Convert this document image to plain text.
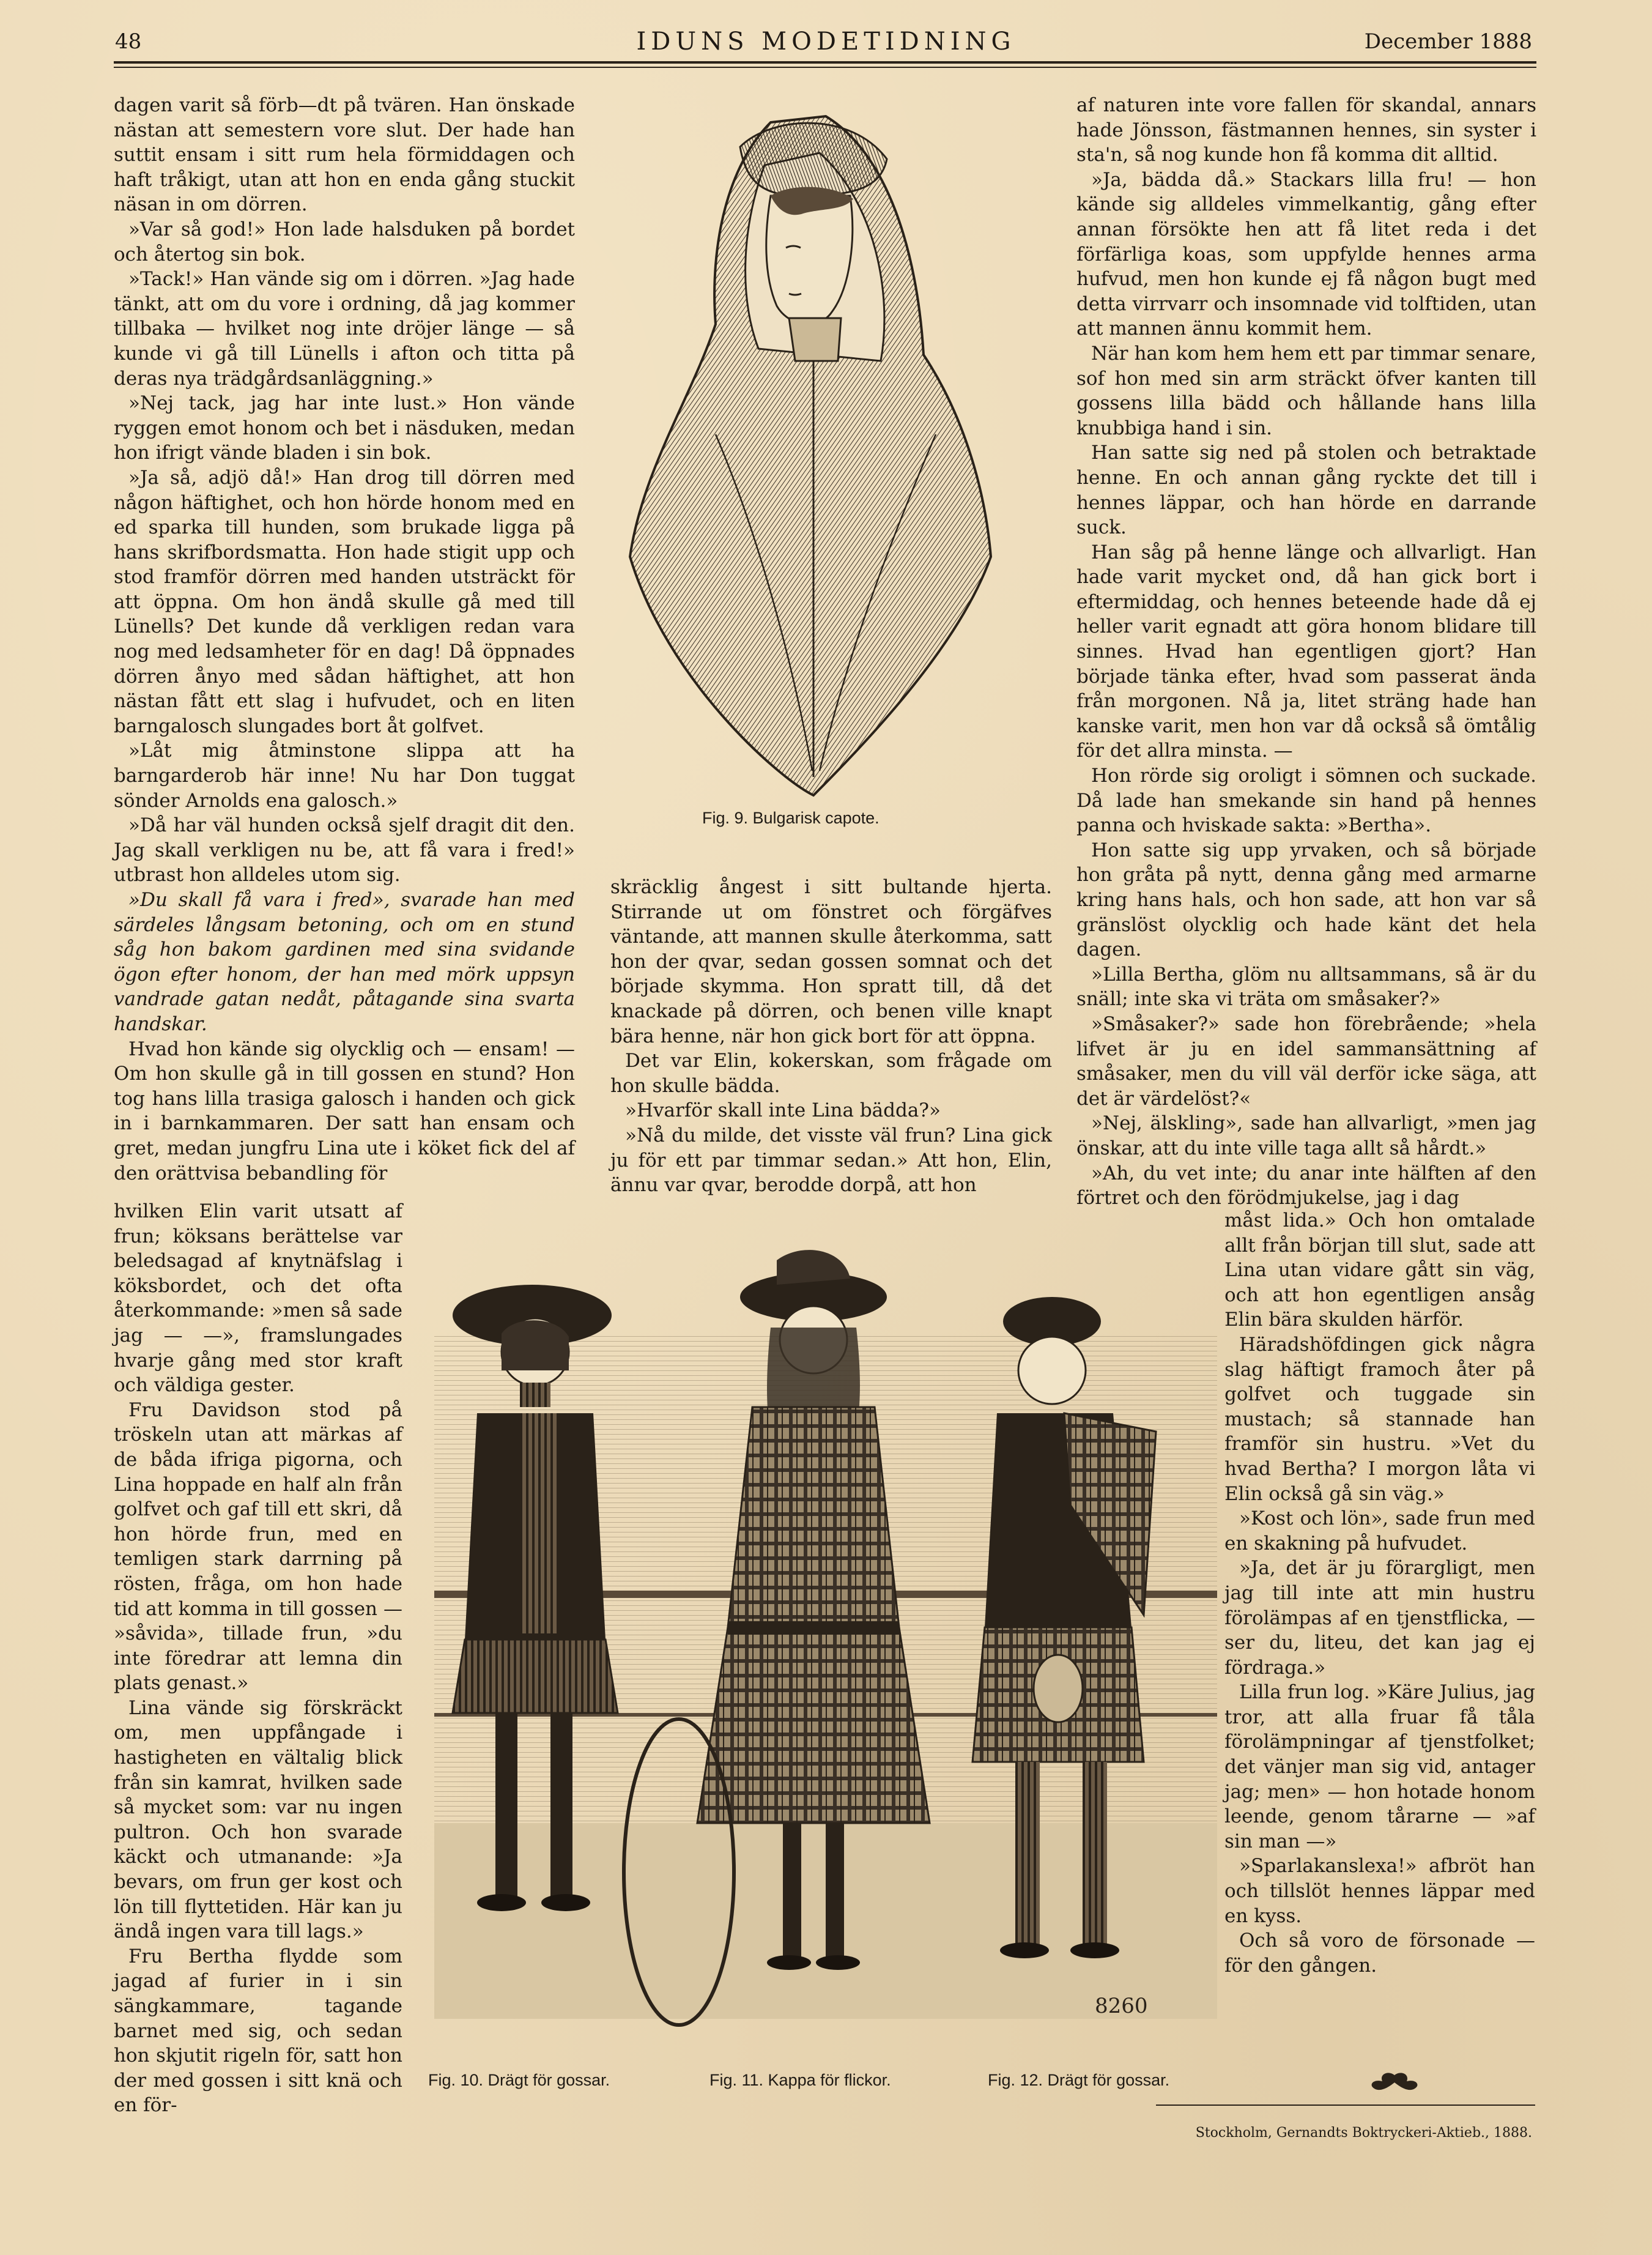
48	IDUNS MODETIDNING	December 1888

dagen varit så förb—dt på tvären. Han önskade nästan att semestern vore slut. Der hade han suttit ensam i sitt rum hela förmiddagen och haft tråkigt, utan att hon en enda gång stuckit näsan in om dörren.

»Var så god!» Hon lade halsduken på bordet och återtog sin bok.

»Tack!» Han vände sig om i dörren. »Jag hade tänkt, att om du vore i ordning, då jag kommer tillbaka — hvilket nog inte dröjer länge — så kunde vi gå till Lünells i afton och titta på deras nya trädgårdsanläggning.»

»Nej tack, jag har inte lust.» Hon vände ryggen emot honom och bet i näsduken, medan hon ifrigt vände bladen i sin bok.

»Ja så, adjö då!» Han drog till dörren med någon häftighet, och hon hörde honom med en ed sparka till hunden, som brukade ligga på hans skrifbordsmatta. Hon hade stigit upp och stod framför dörren med handen utsträckt för att öppna. Om hon ändå skulle gå med till Lünells? Det kunde då verkligen redan vara nog med ledsamheter för en dag! Då öppnades dörren ånyo med sådan häftighet, att hon nästan fått ett slag i hufvudet, och en liten barngalosch slungades bort åt golfvet.

»Låt mig åtminstone slippa att ha barngarderob här inne! Nu har Don tuggat sönder Arnolds ena galosch.»

»Då har väl hunden också sjelf dragit dit den. Jag skall verkligen nu be, att få vara i fred!» utbrast hon alldeles utom sig.

»Du skall få vara i fred», svarade han med särdeles långsam betoning, och om en stund såg hon bakom gardinen med sina svidande ögon efter honom, der han med mörk uppsyn vandrade gatan nedåt, påtagande sina svarta handskar.

Hvad hon kände sig olycklig och — ensam! — Om hon skulle gå in till gossen en stund? Hon tog hans lilla trasiga galosch i handen och gick in i barnkammaren. Der satt han ensam och gret, medan jungfru Lina ute i köket fick del af den orättvisa bebandling för

hvilken Elin varit utsatt af frun; köksans berättelse var beledsagad af knytnäfslag i köksbordet, och det ofta återkommande: »men så sade jag — —», framslungades hvarje gång med stor kraft och väldiga gester.

Fru Davidson stod på tröskeln utan att märkas af de båda ifriga pigorna, och Lina hoppade en half aln från golfvet och gaf till ett skri, då hon hörde frun, med en temligen stark darrning på rösten, fråga, om hon hade tid att komma in till gossen — »såvida», tillade frun, »du inte föredrar att lemna din plats genast.»

Lina vände sig förskräckt om, men uppfångade i hastigheten en vältalig blick från sin kamrat, hvilken sade så mycket som: var nu ingen pultron. Och hon svarade käckt och utmanande: »Ja bevars, om frun ger kost och lön till flyttetiden. Här kan ju ändå ingen vara till lags.»

Fru Bertha flydde som jagad af furier in i sin sängkammare, tagande barnet med sig, och sedan hon skjutit rigeln för, satt hon der med gossen i sitt knä och en för-

Fig. 9. Bulgarisk capote.

skräcklig ångest i sitt bultande hjerta. Stirrande ut om fönstret och förgäfves väntande, att mannen skulle återkomma, satt hon der qvar, sedan gossen somnat och det började skymma. Hon spratt till, då det knackade på dörren, och benen ville knapt bära henne, när hon gick bort för att öppna.

Det var Elin, kokerskan, som frågade om hon skulle bädda.

»Hvarför skall inte Lina bädda?»

»Nå du milde, det visste väl frun? Lina gick ju för ett par timmar sedan.» Att hon, Elin, ännu var qvar, berodde dorpå, att hon

af naturen inte vore fallen för skandal, annars hade Jönsson, fästmannen hennes, sin syster i sta'n, så nog kunde hon få komma dit alltid.

»Ja, bädda då.» Stackars lilla fru! — hon kände sig alldeles vimmelkantig, gång efter annan försökte hen att få litet reda i det förfärliga koas, som uppfylde hennes arma hufvud, men hon kunde ej få någon bugt med detta virrvarr och insomnade vid tolftiden, utan att mannen ännu kommit hem.

När han kom hem hem ett par timmar senare, sof hon med sin arm sträckt öfver kanten till gossens lilla bädd och hållande hans lilla knubbiga hand i sin.

Han satte sig ned på stolen och betraktade henne. En och annan gång ryckte det till i hennes läppar, och han hörde en darrande suck.

Han såg på henne länge och allvarligt. Han hade varit mycket ond, då han gick bort i eftermiddag, och hennes beteende hade då ej heller varit egnadt att göra honom blidare till sinnes. Hvad han egentligen gjort? Han började tänka efter, hvad som passerat ända från morgonen. Nå ja, litet sträng hade han kanske varit, men hon var då också så ömtålig för det allra minsta. —

Hon rörde sig oroligt i sömnen och suckade. Då lade han smekande sin hand på hennes panna och hviskade sakta: »Bertha».

Hon satte sig upp yrvaken, och så började hon gråta på nytt, denna gång med armarne kring hans hals, och hon sade, att hon var så gränslöst olycklig och hade känt det hela dagen.

»Lilla Bertha, glöm nu alltsammans, så är du snäll; inte ska vi träta om småsaker?»

»Småsaker?» sade hon förebrående; »hela lifvet är ju en idel sammansättning af småsaker, men du vill väl derför icke säga, att det är värdelöst?«

»Nej, älskling», sade han allvarligt, »men jag önskar, att du inte ville taga allt så hårdt.»

»Ah, du vet inte; du anar inte hälften af den förtret och den förödmjukelse, jag i dag

måst lida.» Och hon omtalade allt från början till slut, sade att Lina utan vidare gått sin väg, och att hon egentligen ansåg Elin bära skulden härför.

Häradshöfdingen gick några slag häftigt framoch åter på golfvet och tuggade sin mustach; så stannade han framför sin hustru. »Vet du hvad Bertha? I morgon låta vi Elin också gå sin väg.»

»Kost och lön», sade frun med en skakning på hufvudet.

»Ja, det är ju förargligt, men jag till inte att min hustru förolämpas af en tjenstflicka, — ser du, liteu, det kan jag ej fördraga.»

Lilla frun log. »Käre Julius, jag tror, att alla fruar få tåla förolämpningar af tjenstfolket; det vänjer man sig vid, antager jag; men» — hon hotade honom leende, genom tårarne — »af sin man —»

»Sparlakanslexa!» afbröt han och tillslöt hennes läppar med en kyss.

Och så voro de försonade — för den gången.

8260
Fig. 10. Drägt för gossar.	Fig. 11. Kappa för flickor.	Fig. 12. Drägt för gossar.
Stockholm, Gernandts Boktryckeri-Aktieb., 1888.
